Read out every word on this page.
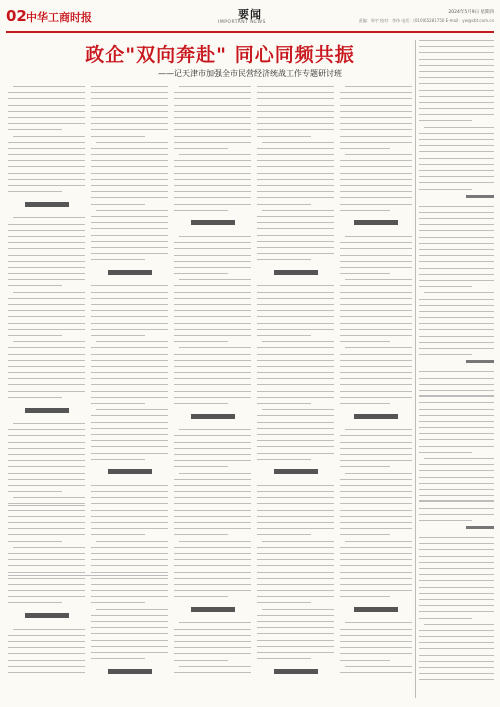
02 中华工商时报	要闻
IMPORTANT NEWS
2024年5月9日 星期四
责编：周宇 校对：李伟 电话：(010)65281750 E-mail：yw@cbt.com.cn
政企"双向奔赴" 同心同频共振
——记天津市加强全市民营经济统战工作专题研讨班
